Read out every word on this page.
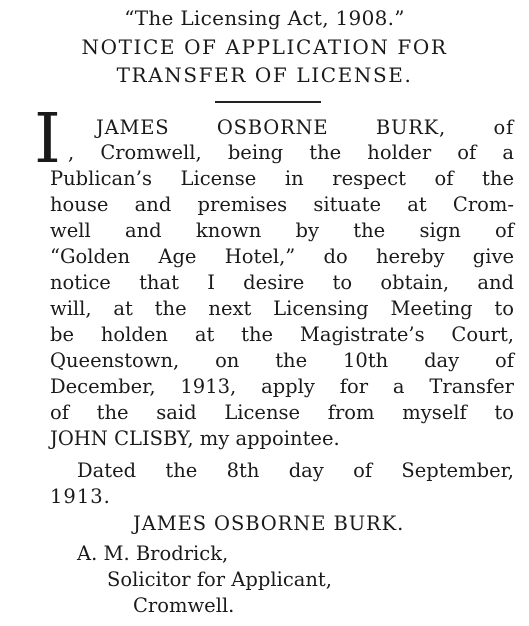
“The Licensing Act, 1908.”
NOTICE OF APPLICATION FOR
TRANSFER OF LICENSE.
I JAMES OSBORNE BURK, of
, Cromwell, being the holder of a
Publican’s License in respect of the
house and premises situate at Crom-
well and known by the sign of
“Golden Age Hotel,” do hereby give
notice that I desire to obtain, and
will, at the next Licensing Meeting to
be holden at the Magistrate’s Court,
Queenstown, on the 10th day of
December, 1913, apply for a Transfer
of the said License from myself to
JOHN CLISBY, my appointee.
Dated the 8th day of September,
1913.
JAMES OSBORNE BURK.
A. M. Brodrick,
Solicitor for Applicant,
Cromwell.
